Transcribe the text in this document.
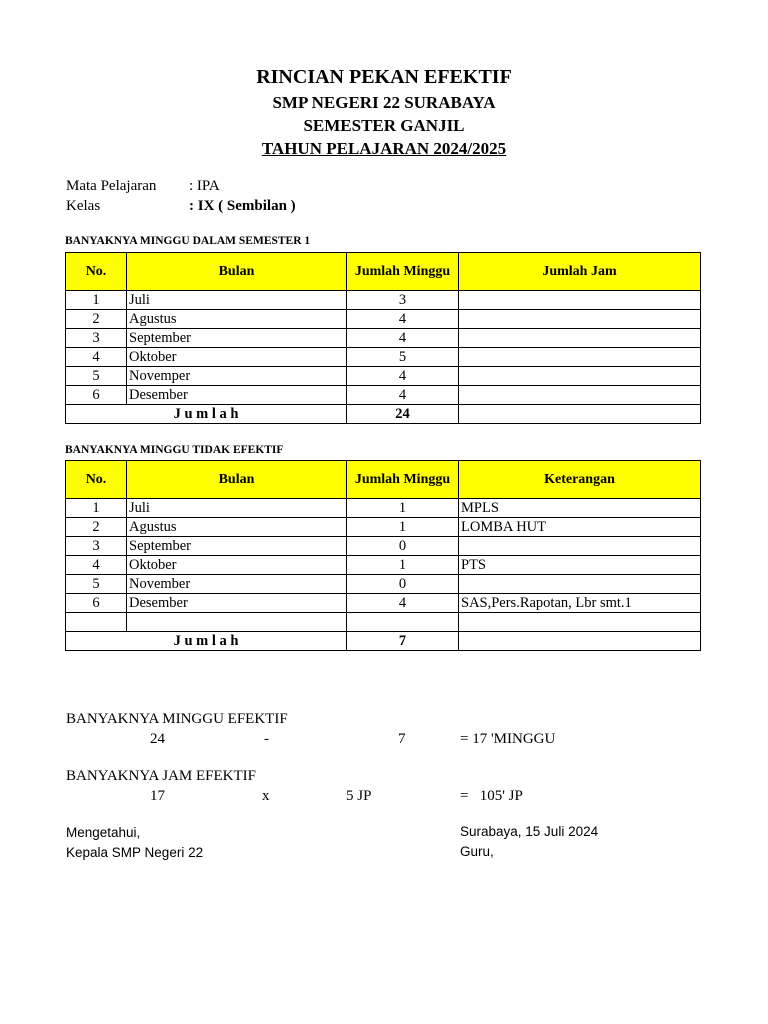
RINCIAN PEKAN EFEKTIF
SMP NEGERI 22 SURABAYA
SEMESTER GANJIL
TAHUN PELAJARAN 2024/2025
Mata Pelajaran : IPA
Kelas	: IX ( Sembilan )
BANYAKNYA MINGGU DALAM SEMESTER 1
No.	Bulan	Jumlah Minggu	Jumlah Jam
1	Juli	3	
2	Agustus	4	
3	September	4	
4	Oktober	5	
5	Novemper	4	
6	Desember	4	
J u m l a h		24	
BANYAKNYA MINGGU TIDAK EFEKTIF
No.	Bulan	Jumlah Minggu	Keterangan
1	Juli	1	MPLS
2	Agustus	1	LOMBA HUT
3	September	0	
4	Oktober	1	PTS
5	November	0	
6	Desember	4	SAS,Pers.Rapotan, Lbr smt.1

J u m l a h		7	
BANYAKNYA MINGGU EFEKTIF
24	-	7	= 17 'MINGGU
BANYAKNYA JAM EFEKTIF
17	x	5 JP	=   105' JP
Mengetahui,
Kepala SMP Negeri 22
Surabaya, 15 Juli 2024
Guru,
